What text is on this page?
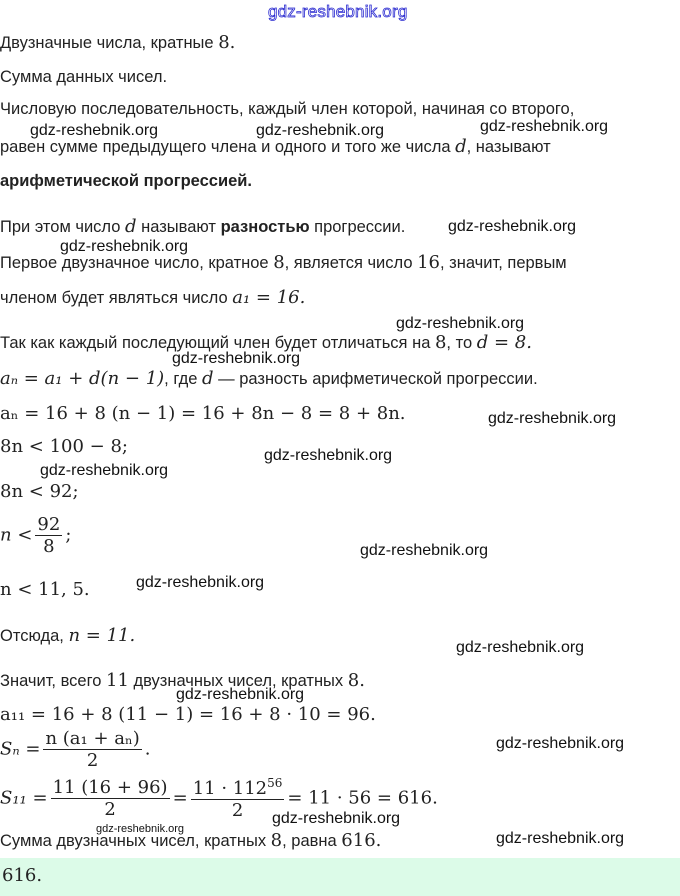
gdz-reshebnik.org
Двузначные числа, кратные 8.
Сумма данных чисел.
Числовую последовательность, каждый член которой, начиная со второго,
равен сумме предыдущего члена и одного и того же числа d, называют
арифметической прогрессией.
При этом число d называют разностью прогрессии.
Первое двузначное число, кратное 8, является число 16, значит, первым
членом будет являться число a₁ = 16.
Так как каждый последующий член будет отличаться на 8, то d = 8.
aₙ = a₁ + d(n − 1), где d — разность арифметической прогрессии.
aₙ = 16 + 8 (n − 1) = 16 + 8n − 8 = 8 + 8n.
8n < 100 − 8;
8n < 92;
$n < \frac{92}{8}$ ;
n < 11, 5.
Отсюда, n = 11.
Значит, всего 11 двузначных чисел, кратных 8.
a₁₁ = 16 + 8 (11 − 1) = 16 + 8 · 10 = 96.
$S_n = \frac{\text{n (a₁ + aₙ)}}{2}$ .
$S_{11} = \frac{11 (16 + 96)}{2} = \frac{11 \cdot 112^{56}}{2} = 11 \cdot 56 = 616$.
Сумма двузначных чисел, кратных 8, равна 616.
gdz-reshebnik.org	gdz-reshebnik.org	gdz-reshebnik.org
gdz-reshebnik.org
gdz-reshebnik.org
gdz-reshebnik.org
gdz-reshebnik.org
gdz-reshebnik.org
gdz-reshebnik.org
gdz-reshebnik.org
gdz-reshebnik.org
gdz-reshebnik.org
gdz-reshebnik.org
gdz-reshebnik.org
gdz-reshebnik.org
gdz-reshebnik.org
gdz-reshebnik.org
gdz-reshebnik.org
616.
